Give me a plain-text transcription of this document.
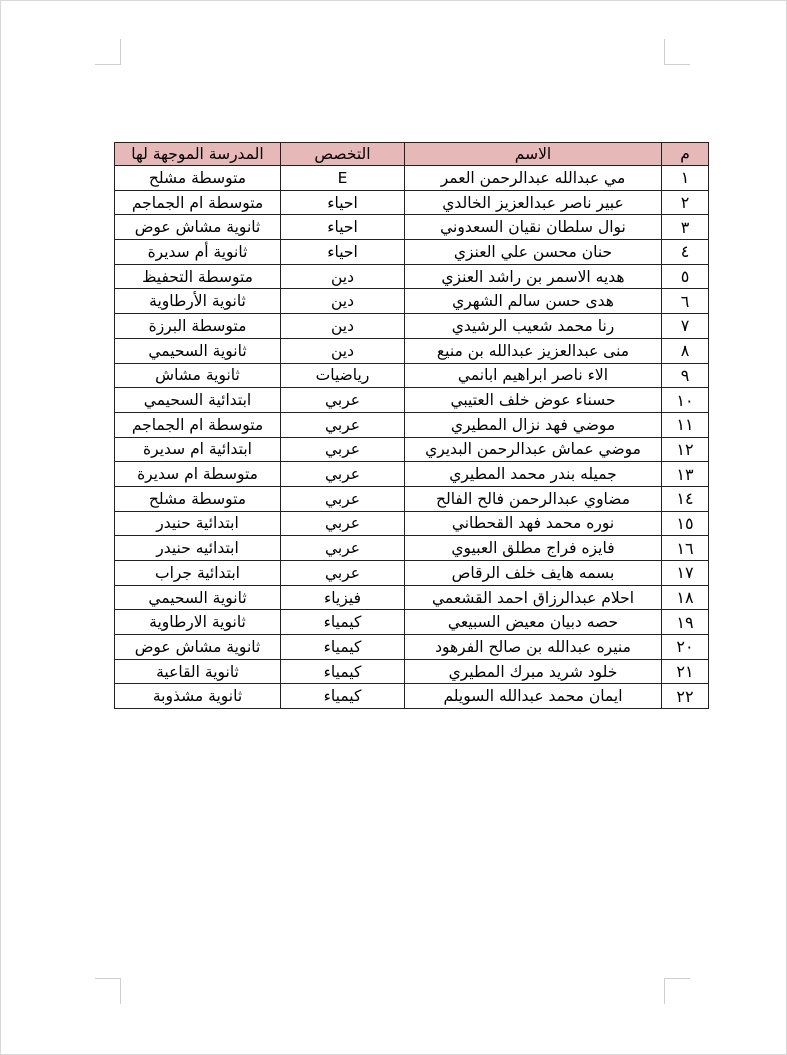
م	الاسم	التخصص	المدرسة الموجهة لها
١	مي عبدالله عبدالرحمن العمر	E	متوسطة مشلح
٢	عبير ناصر عبدالعزيز الخالدي	احياء	متوسطة ام الجماجم
٣	نوال سلطان نقيان السعدوني	احياء	ثانوية مشاش عوض
٤	حنان محسن علي العنزي	احياء	ثانوية أم سديرة
٥	هديه الاسمر بن راشد العنزي	دين	متوسطة التحفيظ
٦	هدى حسن سالم الشهري	دين	ثانوية الأرطاوية
٧	رنا محمد شعيب الرشيدي	دين	متوسطة البرزة
٨	منى عبدالعزيز عبدالله بن منيع	دين	ثانوية السحيمي
٩	الاء ناصر ابراهيم ابانمي	رياضيات	ثانوية مشاش
١٠	حسناء عوض خلف العتيبي	عربي	ابتدائية السحيمي
١١	موضي فهد نزال المطيري	عربي	متوسطة ام الجماجم
١٢	موضي عماش عبدالرحمن البديري	عربي	ابتدائية ام سديرة
١٣	جميله بندر محمد المطيري	عربي	متوسطة ام سديرة
١٤	مضاوي عبدالرحمن فالح الفالح	عربي	متوسطة مشلح
١٥	نوره محمد فهد القحطاني	عربي	ابتدائية حنيدر
١٦	فايزه فراج مطلق العبيوي	عربي	ابتدائيه حنيدر
١٧	بسمه هايف خلف الرقاص	عربي	ابتدائية جراب
١٨	احلام عبدالرزاق احمد القشعمي	فيزياء	ثانوية السحيمي
١٩	حصه دبيان معيض السبيعي	كيمياء	ثانوية الارطاوية
٢٠	منيره عبدالله بن صالح الفرهود	كيمياء	ثانوية مشاش عوض
٢١	خلود شريد مبرك المطيري	كيمياء	ثانوية القاعية
٢٢	ايمان محمد عبدالله السويلم	كيمياء	ثانوية مشذوبة
